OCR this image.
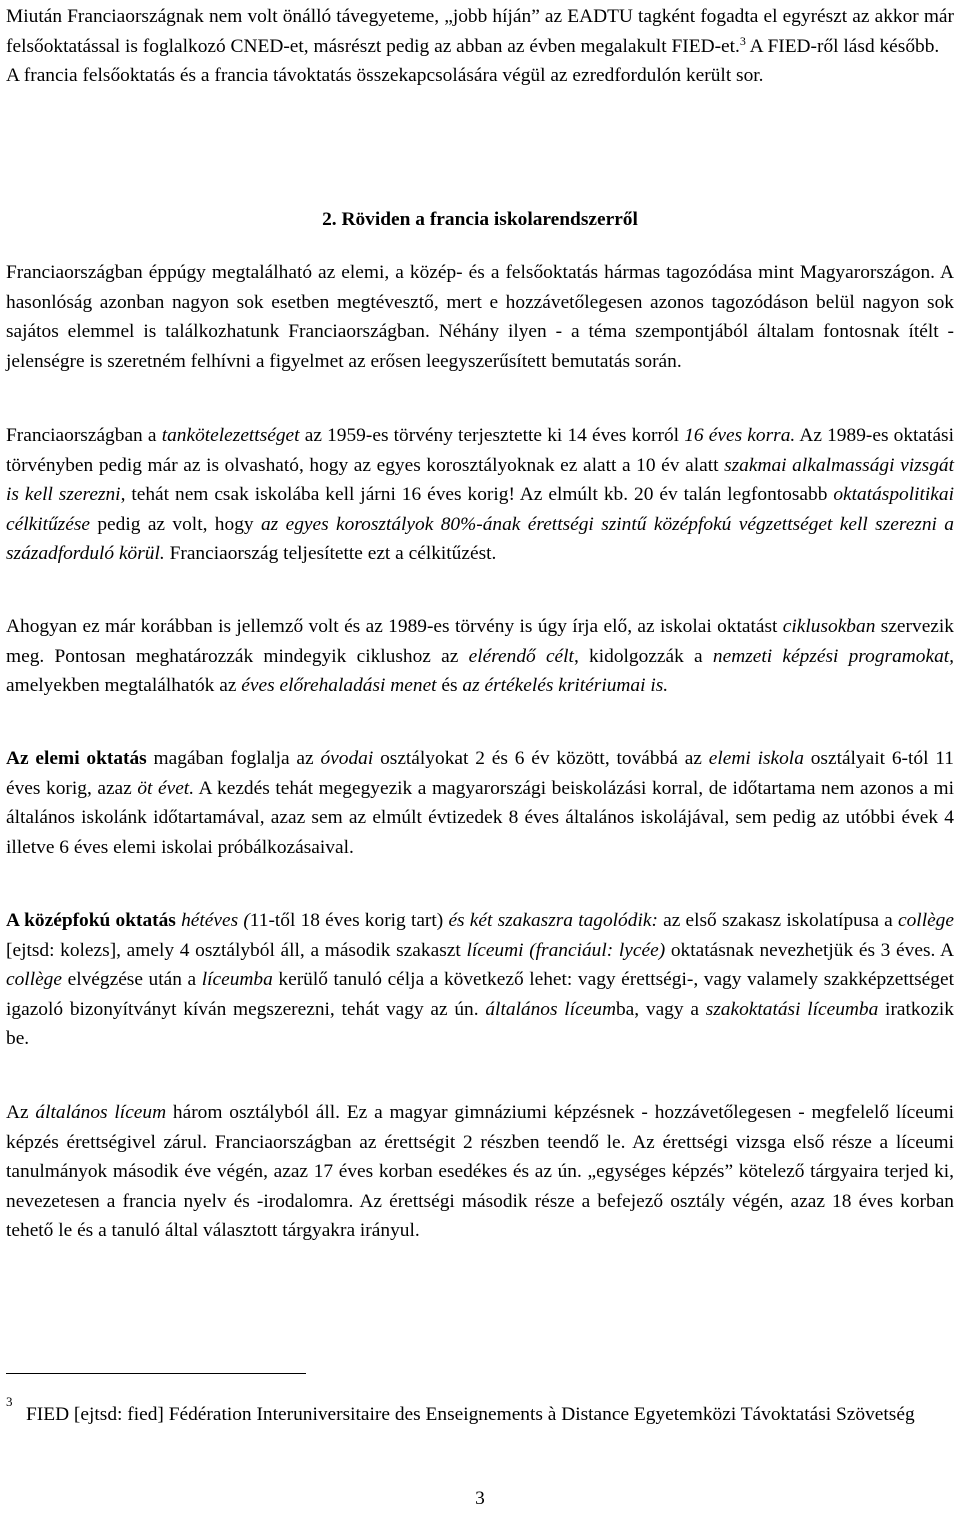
Miután Franciaországnak nem volt önálló távegyeteme, „jobb híján” az EADTU tagként fogadta el egyrészt az akkor már felsőoktatással is foglalkozó CNED-et, másrészt pedig az abban az évben megalakult FIED-et.$^3$ A FIED-ről lásd később.
A francia felsőoktatás és a francia távoktatás összekapcsolására végül az ezredfordulón került sor.

2. Röviden a francia iskolarendszerről

Franciaországban éppúgy megtalálható az elemi, a közép- és a felsőoktatás hármas tagozódása mint Magyarországon. A hasonlóság azonban nagyon sok esetben megtévesztő, mert e hozzávetőlegesen azonos tagozódáson belül nagyon sok sajátos elemmel is találkozhatunk Franciaországban. Néhány ilyen - a téma szempontjából általam fontosnak ítélt - jelenségre is szeretném felhívni a figyelmet az erősen leegyszerűsített bemutatás során.

Franciaországban a tankötelezettséget az 1959-es törvény terjesztette ki 14 éves korról 16 éves korra. Az 1989-es oktatási törvényben pedig már az is olvasható, hogy az egyes korosztályoknak ez alatt a 10 év alatt szakmai alkalmassági vizsgát is kell szerezni, tehát nem csak iskolába kell járni 16 éves korig! Az elmúlt kb. 20 év talán legfontosabb oktatáspolitikai célkitűzése pedig az volt, hogy az egyes korosztályok 80%-ának érettségi szintű középfokú végzettséget kell szerezni a századforduló körül. Franciaország teljesítette ezt a célkitűzést.

Ahogyan ez már korábban is jellemző volt és az 1989-es törvény is úgy írja elő, az iskolai oktatást ciklusokban szervezik meg. Pontosan meghatározzák mindegyik ciklushoz az elérendő célt, kidolgozzák a nemzeti képzési programokat, amelyekben megtalálhatók az éves előrehaladási menet és az értékelés kritériumai is.

Az elemi oktatás magában foglalja az óvodai osztályokat 2 és 6 év között, továbbá az elemi iskola osztályait 6-tól 11 éves korig, azaz öt évet. A kezdés tehát megegyezik a magyarországi beiskolázási korral, de időtartama nem azonos a mi általános iskolánk időtartamával, azaz sem az elmúlt évtizedek 8 éves általános iskolájával, sem pedig az utóbbi évek 4 illetve 6 éves elemi iskolai próbálkozásaival.

A középfokú oktatás hétéves (11-től 18 éves korig tart) és két szakaszra tagolódik: az első szakasz iskolatípusa a collège [ejtsd: kolezs], amely 4 osztályból áll, a második szakaszt líceumi (franciául: lycée) oktatásnak nevezhetjük és 3 éves. A collège elvégzése után a líceumba kerülő tanuló célja a következő lehet: vagy érettségi-, vagy valamely szakképzettséget igazoló bizonyítványt kíván megszerezni, tehát vagy az ún. általános líceumba, vagy a szakoktatási líceumba iratkozik be.

Az általános líceum három osztályból áll. Ez a magyar gimnáziumi képzésnek - hozzávetőlegesen - megfelelő líceumi képzés érettségivel zárul. Franciaországban az érettségit 2 részben teendő le. Az érettségi vizsga első része a líceumi tanulmányok második éve végén, azaz 17 éves korban esedékes és az ún. „egységes képzés” kötelező tárgyaira terjed ki, nevezetesen a francia nyelv és -irodalomra. Az érettségi második része a befejező osztály végén, azaz 18 éves korban tehető le és a tanuló által választott tárgyakra irányul.

3

FIED [ejtsd: fied] Fédération Interuniversitaire des Enseignements à Distance Egyetemközi Távoktatási Szövetség

3
